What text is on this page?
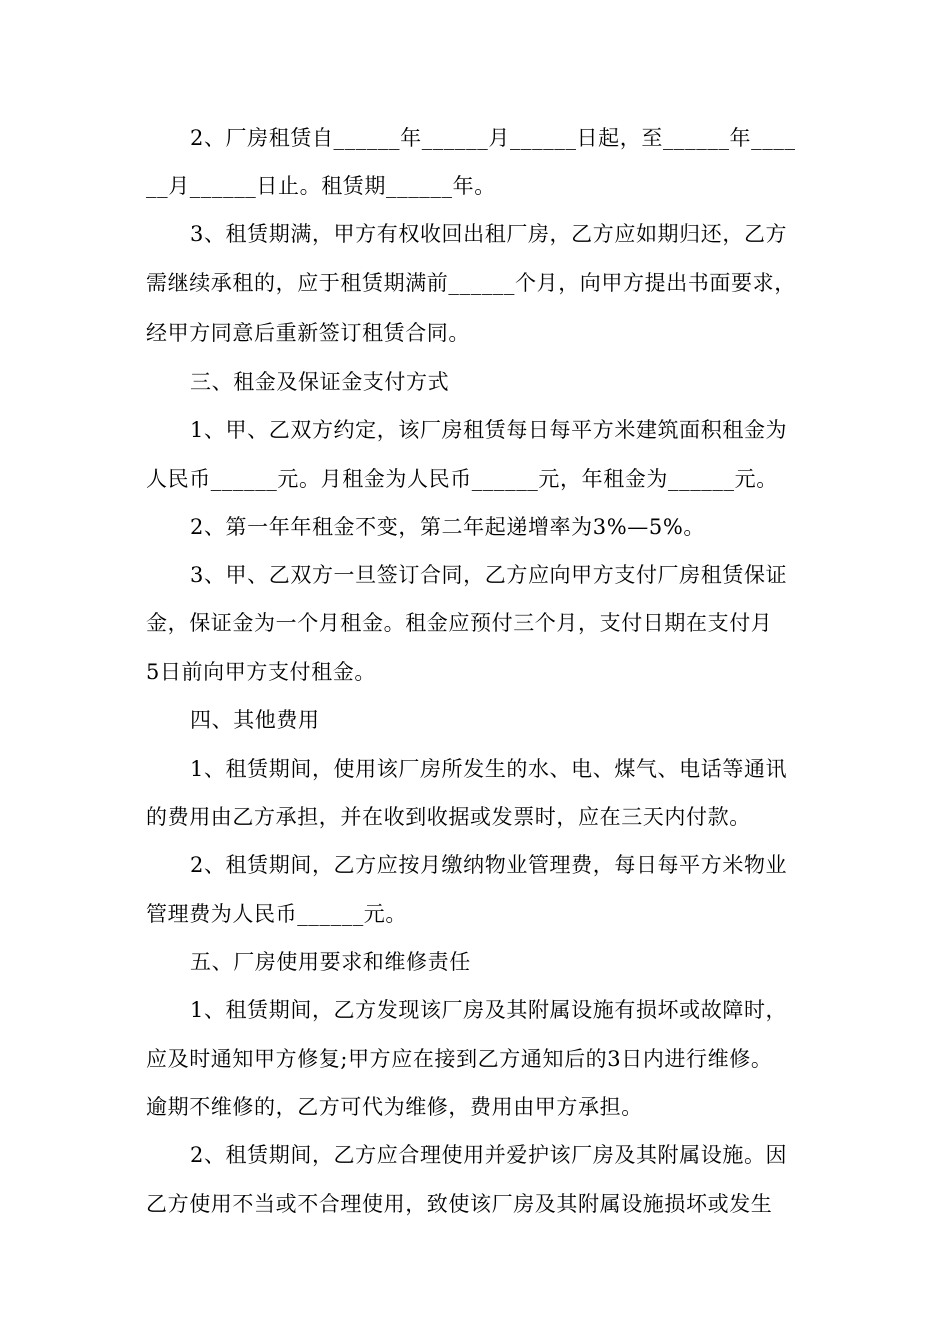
2、厂房租赁自______年______月______日起，至______年____
__月______日止。租赁期______年。
3、租赁期满，甲方有权收回出租厂房，乙方应如期归还，乙方
需继续承租的，应于租赁期满前______个月，向甲方提出书面要求，
经甲方同意后重新签订租赁合同。
三、租金及保证金支付方式
1、甲、乙双方约定，该厂房租赁每日每平方米建筑面积租金为
人民币______元。月租金为人民币______元，年租金为______元。
2、第一年年租金不变，第二年起递增率为3%—5%。
3、甲、乙双方一旦签订合同，乙方应向甲方支付厂房租赁保证
金，保证金为一个月租金。租金应预付三个月，支付日期在支付月
5日前向甲方支付租金。
四、其他费用
1、租赁期间，使用该厂房所发生的水、电、煤气、电话等通讯
的费用由乙方承担，并在收到收据或发票时，应在三天内付款。
2、租赁期间，乙方应按月缴纳物业管理费，每日每平方米物业
管理费为人民币______元。
五、厂房使用要求和维修责任
1、租赁期间，乙方发现该厂房及其附属设施有损坏或故障时，
应及时通知甲方修复;甲方应在接到乙方通知后的3日内进行维修。
逾期不维修的，乙方可代为维修，费用由甲方承担。
2、租赁期间，乙方应合理使用并爱护该厂房及其附属设施。因
乙方使用不当或不合理使用，致使该厂房及其附属设施损坏或发生
